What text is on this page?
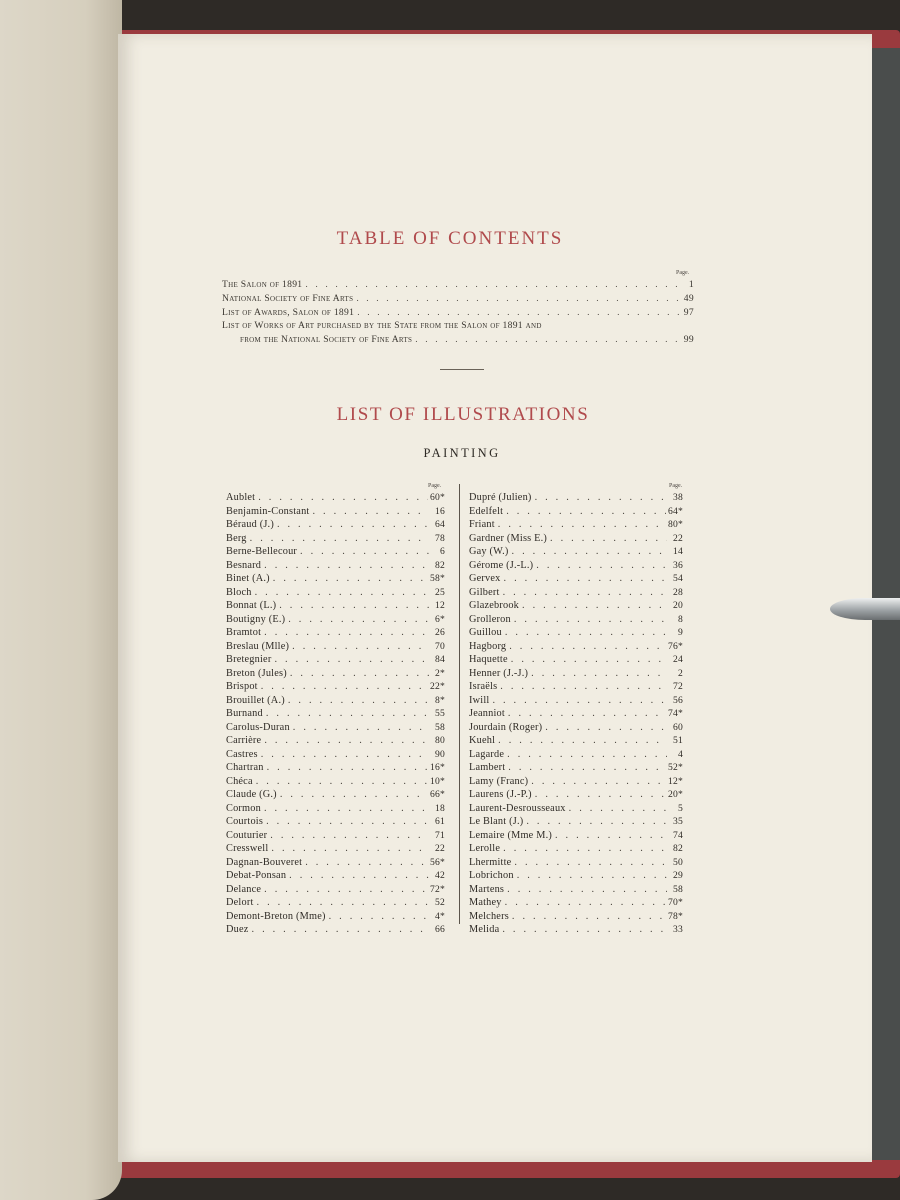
TABLE OF CONTENTS
Page.
The Salon of 1891 . . .	1
National Society of Fine Arts . . .	49
List of Awards, Salon of 1891 . . .	97
List of Works of Art purchased by the State from the Salon of 1891 and
from the National Society of Fine Arts . . .	99
LIST OF ILLUSTRATIONS
PAINTING
Page.	Page.
Aublet . . .	60*
Benjamin-Constant . . .	16
Béraud (J.) . . .	64
Berg . . .	78
Berne-Bellecour . . .	6
Besnard . . .	82
Binet (A.) . . .	58*
Bloch . . .	25
Bonnat (L.) . . .	12
Boutigny (E.) . . .	6*
Bramtot . . .	26
Breslau (Mlle) . . .	70
Bretegnier . . .	84
Breton (Jules) . . .	2*
Brispot . . .	22*
Brouillet (A.) . . .	8*
Burnand . . .	55
Carolus-Duran . . .	58
Carrière . . .	80
Castres . . .	90
Chartran . . .	16*
Chéca . . .	10*
Claude (G.) . . .	66*
Cormon . . .	18
Courtois . . .	61
Couturier . . .	71
Cresswell . . .	22
Dagnan-Bouveret . . .	56*
Debat-Ponsan . . .	42
Delance . . .	72*
Delort . . .	52
Demont-Breton (Mme) . . .	4*
Duez . . .	66
Dupré (Julien) . . .	38
Edelfelt . . .	64*
Friant . . .	80*
Gardner (Miss E.) . . .	22
Gay (W.) . . .	14
Gérome (J.-L.) . . .	36
Gervex . . .	54
Gilbert . . .	28
Glazebrook . . .	20
Grolleron . . .	8
Guillou . . .	9
Hagborg . . .	76*
Haquette . . .	24
Henner (J.-J.) . . .	2
Israëls . . .	72
Iwill . . .	56
Jeanniot . . .	74*
Jourdain (Roger) . . .	60
Kuehl . . .	51
Lagarde . . .	4
Lambert . . .	52*
Lamy (Franc) . . .	12*
Laurens (J.-P.) . . .	20*
Laurent-Desrousseaux . . .	5
Le Blant (J.) . . .	35
Lemaire (Mme M.) . . .	74
Lerolle . . .	82
Lhermitte . . .	50
Lobrichon . . .	29
Martens . . .	58
Mathey . . .	70*
Melchers . . .	78*
Melida . . .	33
